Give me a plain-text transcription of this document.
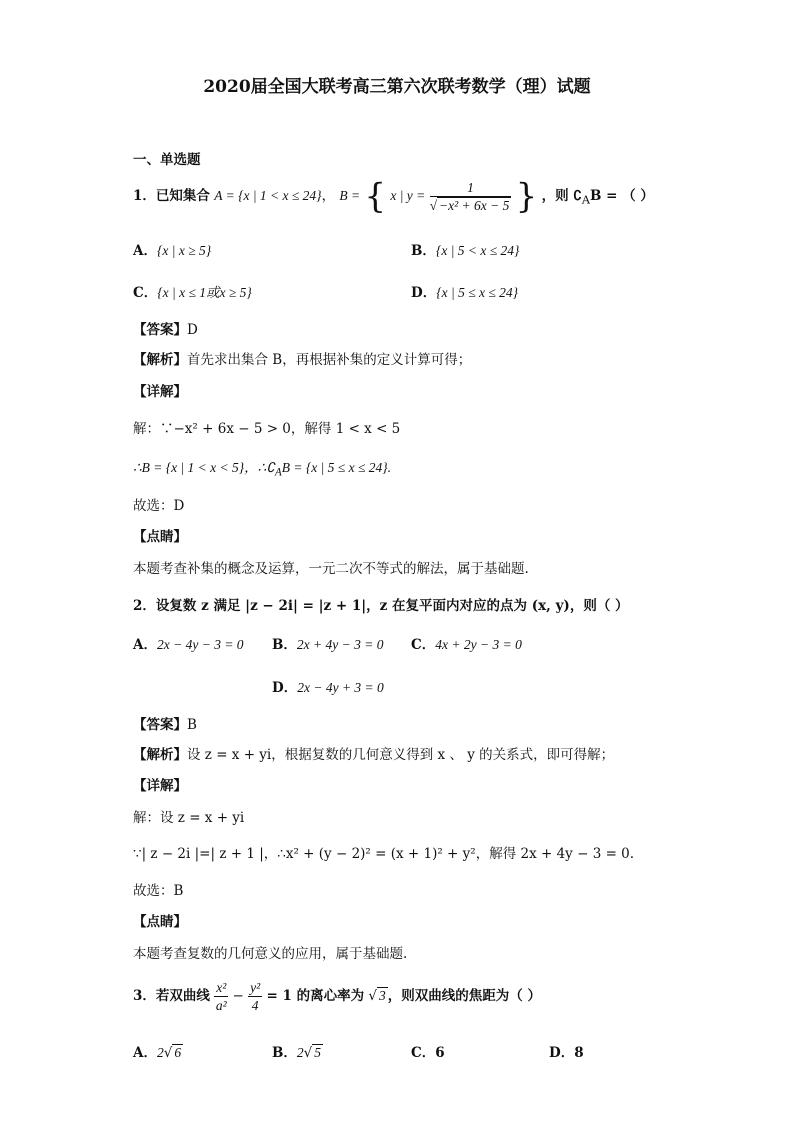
2020届全国大联考高三第六次联考数学（理）试题
一、单选题
1．已知集合 A = {x | 1 < x ≤ 24}， B = { x | $y = \frac{1}{\text{√ −x² + 6x − 5}}$ } ，则 $∁_AB$ = （ ）
A．{x | x ≥ 5}	B．{x | 5 < x ≤ 24}
C．{x | x ≤ 1或x ≥ 5}	D．{x | 5 ≤ x ≤ 24}
【答案】D
【解析】首先求出集合 B，再根据补集的定义计算可得；
【详解】
解：∵−x² + 6x − 5 > 0，解得 1 < x < 5
∴B = {x | 1 < x < 5}，$\therefore∁_AB = \{x$ | 5 ≤ x ≤ 24}.
故选：D
【点睛】
本题考查补集的概念及运算，一元二次不等式的解法，属于基础题.
2．设复数 z 满足 |z − 2i| = |z + 1|，z 在复平面内对应的点为 (x, y)，则（ ）
A．2x − 4y − 3 = 0 B．2x + 4y − 3 = 0 C．4x + 2y − 3 = 0
D．2x − 4y + 3 = 0
【答案】B
【解析】设 z = x + yi，根据复数的几何意义得到 x 、 y 的关系式，即可得解；
【详解】
解：设 z = x + yi
∵| z − 2i |=| z + 1 |，∴x² + (y − 2)² = (x + 1)² + y²，解得 2x + 4y − 3 = 0.
故选：B
【点睛】
本题考查复数的几何意义的应用，属于基础题.
3．若双曲线 $\frac{\text{x²}}{\text{a²}} - \frac{\text{y²}}{4} = 1$ 的离心率为 √ 3 ，则双曲线的焦距为（ ）
A．2√ 6	B．2√ 5	C．6	D．8
